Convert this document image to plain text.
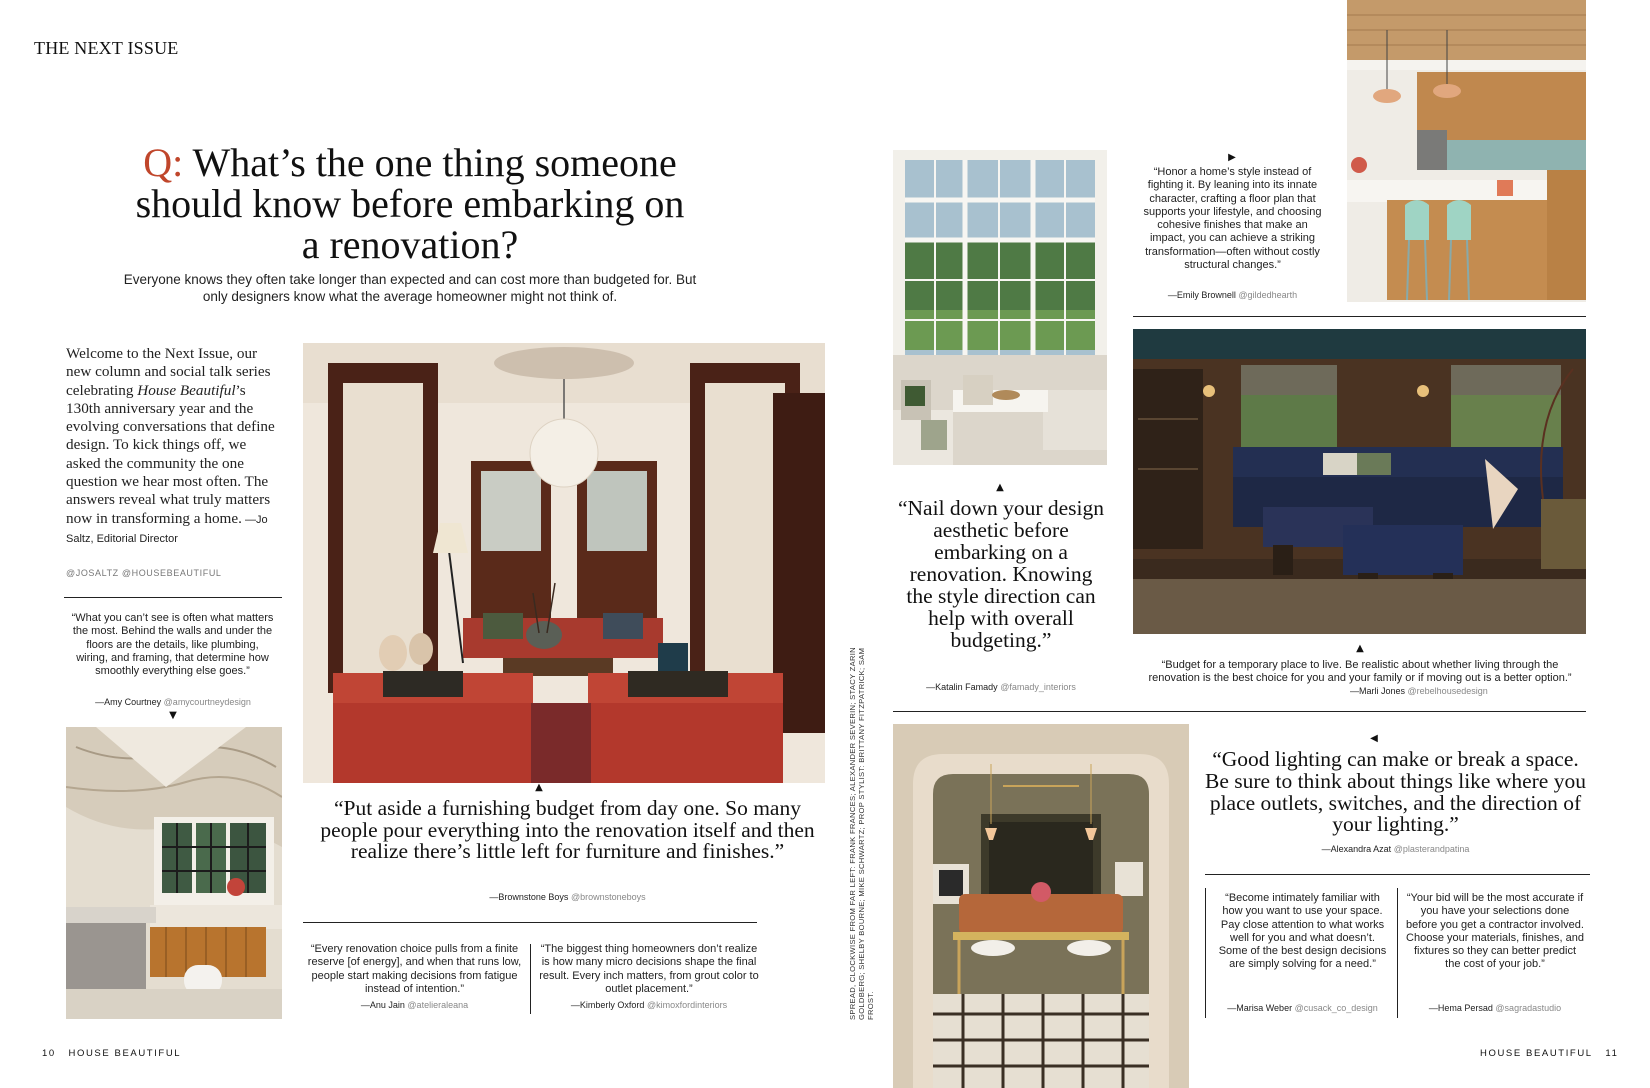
THE NEXT ISSUE
Q: What’s the one thing someone should know before embarking on a renovation?
Everyone knows they often take longer than expected and can cost more than budgeted for. But only designers know what the average homeowner might not think of.
Welcome to the Next Issue, our new column and social talk series celebrating House Beautiful’s 130th anniversary year and the evolving conversations that define design. To kick things off, we asked the community the one question we hear most often. The answers reveal what truly matters now in transforming a home. —Jo Saltz, Editorial Director
@JOSALTZ @HOUSEBEAUTIFUL
“What you can’t see is often what matters the most. Behind the walls and under the floors are the details, like plumbing, wiring, and framing, that determine how smoothly everything else goes.”
—Amy Courtney @amycourtneydesign
▼
▲
“Put aside a furnishing budget from day one. So many people pour everything into the renovation itself and then realize there’s little left for furniture and finishes.”
—Brownstone Boys @brownstoneboys
“Every renovation choice pulls from a finite reserve [of energy], and when that runs low, people start making decisions from fatigue instead of intention.”
—Anu Jain @atelieraleana
“The biggest thing homeowners don’t realize is how many micro decisions shape the final result. Every inch matters, from grout color to outlet placement.”
—Kimberly Oxford @kimoxfordinteriors
10 HOUSE BEAUTIFUL
SPREAD, CLOCKWISE FROM FAR LEFT: FRANK FRANCES; ALEXANDER SEVERIN; STACY ZARIN GOLDBERG; SHELBY BOURNE; MIKE SCHWARTZ; PROP STYLIST: BRITTANY FITZPATRICK; SAM FROST.
▲
“Nail down your design aesthetic before embarking on a renovation. Knowing the style direction can help with overall budgeting.”
—Katalin Famady @famady_interiors
▶
“Honor a home’s style instead of fighting it. By leaning into its innate character, crafting a floor plan that supports your lifestyle, and choosing cohesive finishes that make an impact, you can achieve a striking transformation—often without costly structural changes.”
—Emily Brownell @gildedhearth
▲
“Budget for a temporary place to live. Be realistic about whether living through the renovation is the best choice for you and your family or if moving out is a better option.”
—Marli Jones @rebelhousedesign
◀
“Good lighting can make or break a space. Be sure to think about things like where you place outlets, switches, and the direction of your lighting.”
—Alexandra Azat @plasterandpatina
“Become intimately familiar with how you want to use your space. Pay close attention to what works well for you and what doesn’t. Some of the best design decisions are simply solving for a need.”
—Marisa Weber @cusack_co_design
“Your bid will be the most accurate if you have your selections done before you get a contractor involved. Choose your materials, finishes, and fixtures so they can better predict the cost of your job.”
—Hema Persad @sagradastudio
HOUSE BEAUTIFUL 11
